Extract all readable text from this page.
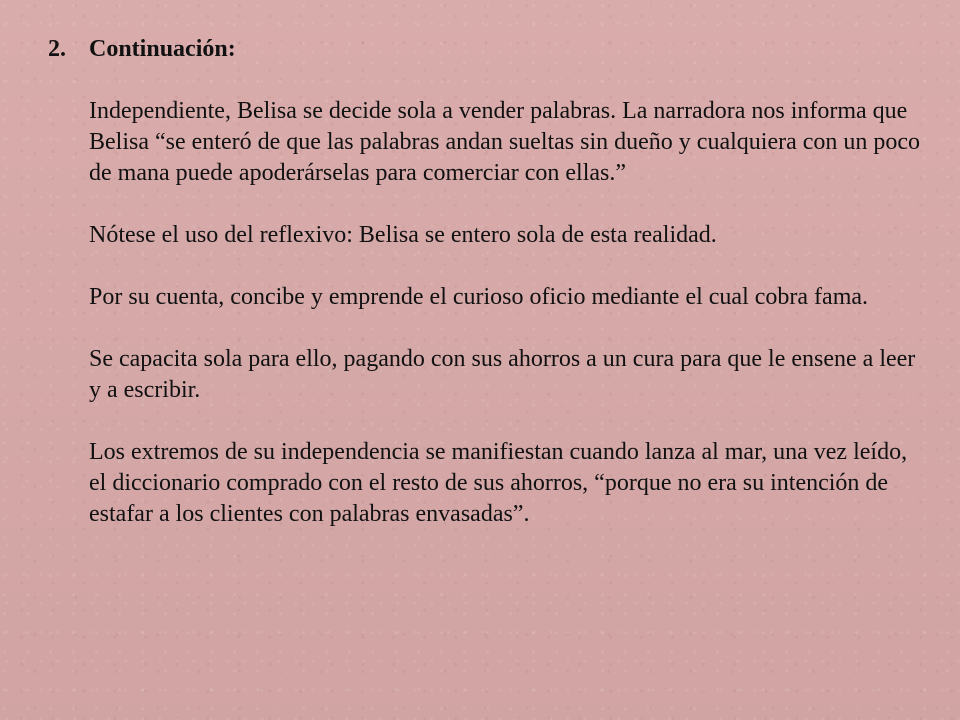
2. Continuación:

Independiente, Belisa se decide sola a vender palabras. La narradora nos informa que Belisa “se enteró de que las palabras andan sueltas sin dueño y cualquiera con un poco de mana puede apoderárselas para comerciar con ellas.”

Nótese el uso del reflexivo: Belisa se entero sola de esta realidad.

Por su cuenta, concibe y emprende el curioso oficio mediante el cual cobra fama.

Se capacita sola para ello, pagando con sus ahorros a un cura para que le ensene a leer y a escribir.

Los extremos de su independencia se manifiestan cuando lanza al mar, una vez leído, el diccionario comprado con el resto de sus ahorros, “porque no era su intención de estafar a los clientes con palabras envasadas”.
